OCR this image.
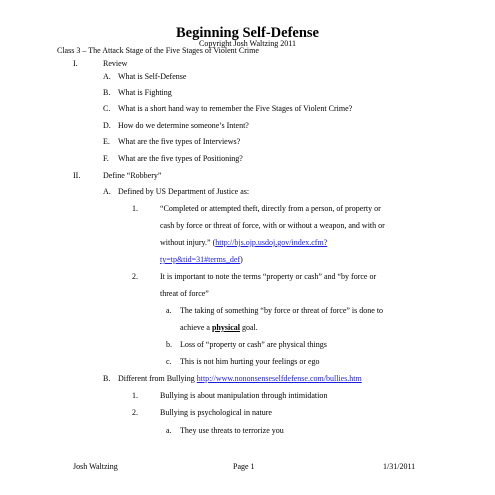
Beginning Self-Defense
Copyright Josh Waltzing 2011
Class 3 – The Attack Stage of the Five Stages of Violent Crime
I.	Review
A. What is Self-Defense
B. What is Fighting
C. What is a short hand way to remember the Five Stages of Violent Crime?
D. How do we determine someone’s Intent?
E. What are the five types of Interviews?
F. What are the five types of Positioning?
II.	Define “Robbery”
A. Defined by US Department of Justice as:
1.	“Completed or attempted theft, directly from a person, of property or
cash by force or threat of force, with or without a weapon, and with or
without injury.” (http://bjs.ojp.usdoj.gov/index.cfm?
ty=tp&tid=31#terms_def)
2.	It is important to note the terms “property or cash” and “by force or
threat of force”
a. The taking of something “by force or threat of force” is done to
achieve a physical goal.
b. Loss of “property or cash” are physical things
c. This is not him hurting your feelings or ego
B. Different from Bullying http://www.nononsenseselfdefense.com/bullies.htm
1.	Bullying is about manipulation through intimidation
2.	Bullying is psychological in nature
a. They use threats to terrorize you
Josh Waltzing	Page 1	1/31/2011
